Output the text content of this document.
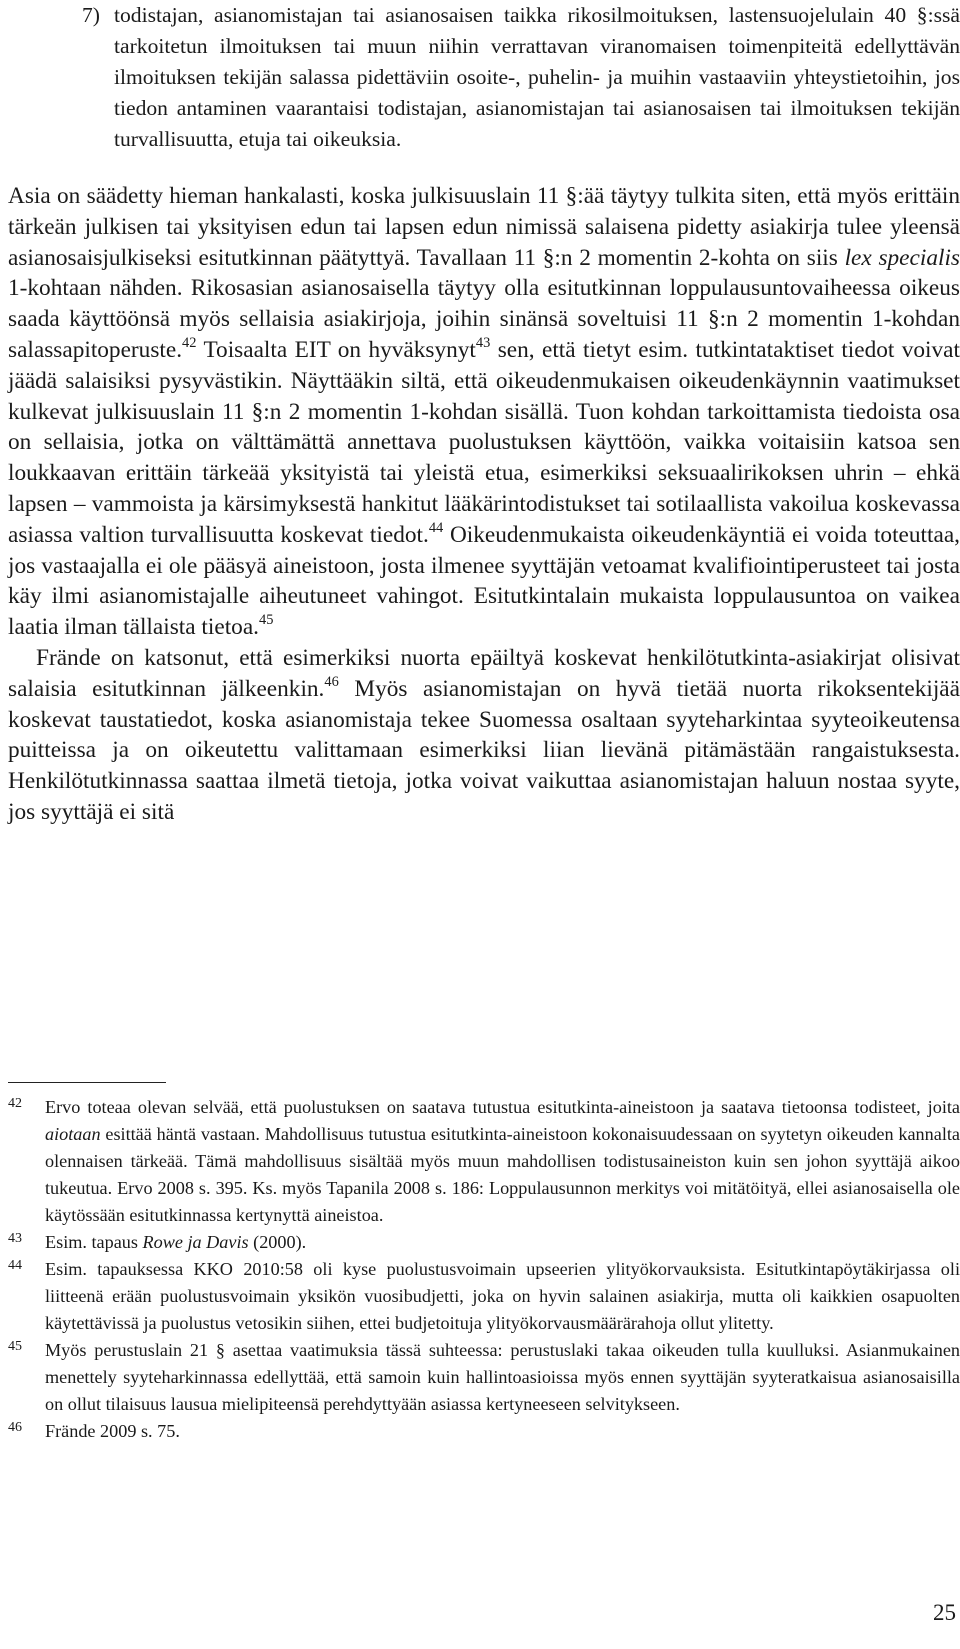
7) todistajan, asianomistajan tai asianosaisen taikka rikosilmoituksen, lastensuojelulain 40 §:ssä tarkoitetun ilmoituksen tai muun niihin verrattavan viranomaisen toimenpiteitä edellyttävän ilmoituksen tekijän salassa pidettäviin osoite-, puhelin- ja muihin vastaaviin yhteystietoihin, jos tiedon antaminen vaarantaisi todistajan, asianomistajan tai asianosaisen tai ilmoituksen tekijän turvallisuutta, etuja tai oikeuksia.

Asia on säädetty hieman hankalasti, koska julkisuuslain 11 §:ää täytyy tulkita siten, että myös erittäin tärkeän julkisen tai yksityisen edun tai lapsen edun nimissä salaisena pidetty asiakirja tulee yleensä asianosaisjulkiseksi esitutkinnan päätyttyä. Tavallaan 11 §:n 2 momentin 2-kohta on siis lex specialis 1-kohtaan nähden. Rikosasian asianosaisella täytyy olla esitutkinnan loppulausuntovaiheessa oikeus saada käyttöönsä myös sellaisia asiakirjoja, joihin sinänsä soveltuisi 11 §:n 2 momentin 1-kohdan salassapitoperuste.$^{42}$ Toisaalta EIT on hyväksynyt$^{43}$ sen, että tietyt esim. tutkintataktiset tiedot voivat jäädä salaisiksi pysyvästikin. Näyttääkin siltä, että oikeudenmukaisen oikeudenkäynnin vaatimukset kulkevat julkisuuslain 11 §:n 2 momentin 1-kohdan sisällä. Tuon kohdan tarkoittamista tiedoista osa on sellaisia, jotka on välttämättä annettava puolustuksen käyttöön, vaikka voitaisiin katsoa sen loukkaavan erittäin tärkeää yksityistä tai yleistä etua, esimerkiksi seksuaalirikoksen uhrin – ehkä lapsen – vammoista ja kärsimyksestä hankitut lääkärintodistukset tai sotilaallista vakoilua koskevassa asiassa valtion turvallisuutta koskevat tiedot.$^{44}$ Oikeudenmukaista oikeudenkäyntiä ei voida toteuttaa, jos vastaajalla ei ole pääsyä aineistoon, josta ilmenee syyttäjän vetoamat kvalifiointiperusteet tai josta käy ilmi asianomistajalle aiheutuneet vahingot. Esitutkintalain mukaista loppulausuntoa on vaikea laatia ilman tällaista tietoa.$^{45}$

Frände on katsonut, että esimerkiksi nuorta epäiltyä koskevat henkilötutkinta-asiakirjat olisivat salaisia esitutkinnan jälkeenkin.$^{46}$ Myös asianomistajan on hyvä tietää nuorta rikoksentekijää koskevat taustatiedot, koska asianomistaja tekee Suomessa osaltaan syyteharkintaa syyteoikeutensa puitteissa ja on oikeutettu valittamaan esimerkiksi liian lievänä pitämästään rangaistuksesta. Henkilötutkinnassa saattaa ilmetä tietoja, jotka voivat vaikuttaa asianomistajan haluun nostaa syyte, jos syyttäjä ei sitä

42 Ervo toteaa olevan selvää, että puolustuksen on saatava tutustua esitutkinta-aineistoon ja saatava tietoonsa todisteet, joita aiotaan esittää häntä vastaan. Mahdollisuus tutustua esitutkinta-aineistoon kokonaisuudessaan on syytetyn oikeuden kannalta olennaisen tärkeää. Tämä mahdollisuus sisältää myös muun mahdollisen todistusaineiston kuin sen johon syyttäjä aikoo tukeutua. Ervo 2008 s. 395. Ks. myös Tapanila 2008 s. 186: Loppulausunnon merkitys voi mitätöityä, ellei asianosaisella ole käytössään esitutkinnassa kertynyttä aineistoa.
43 Esim. tapaus Rowe ja Davis (2000).
44 Esim. tapauksessa KKO 2010:58 oli kyse puolustusvoimain upseerien ylityökorvauksista. Esitutkintapöytäkirjassa oli liitteenä erään puolustusvoimain yksikön vuosibudjetti, joka on hyvin salainen asiakirja, mutta oli kaikkien osapuolten käytettävissä ja puolustus vetosikin siihen, ettei budjetoituja ylityökorvausmäärärahoja ollut ylitetty.
45 Myös perustuslain 21 § asettaa vaatimuksia tässä suhteessa: perustuslaki takaa oikeuden tulla kuulluksi. Asianmukainen menettely syyteharkinnassa edellyttää, että samoin kuin hallintoasioissa myös ennen syyttäjän syyteratkaisua asianosaisilla on ollut tilaisuus lausua mielipiteensä perehdyttyään asiassa kertyneeseen selvitykseen.
46 Frände 2009 s. 75.
25
